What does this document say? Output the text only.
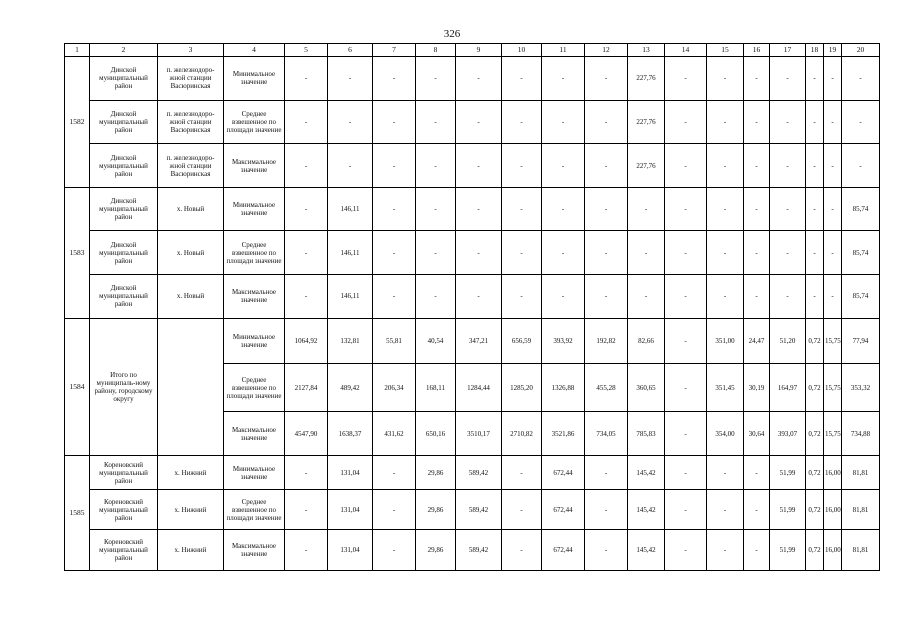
326
1	2	3	4	5	6	7	8	9	10	11	12	13	14	15	16	17	18	19	20
1582	Динской муниципальный район	п. железнодоро-жной станции Васюринская	Минимальное значение	-	-	-	-	-	-	-	-	227,76	-	-	-	-	-	-	-
	Динской муниципальный район	п. железнодоро-жной станции Васюринская	Среднее взвешенное по площади значение	-	-	-	-	-	-	-	-	227,76	-	-	-	-	-	-	-
	Динской муниципальный район	п. железнодоро-жной станции Васюринская	Максимальное значение	-	-	-	-	-	-	-	-	227,76	-	-	-	-	-	-	-
1583	Динской муниципальный район	х. Новый	Минимальное значение	-	146,11	-	-	-	-	-	-	-	-	-	-	-	-	-	85,74
	Динской муниципальный район	х. Новый	Среднее взвешенное по площади значение	-	146,11	-	-	-	-	-	-	-	-	-	-	-	-	-	85,74
	Динской муниципальный район	х. Новый	Максимальное значение	-	146,11	-	-	-	-	-	-	-	-	-	-	-	-	-	85,74
1584	Итого по муниципаль-ному району, городскому округу		Минимальное значение	1064,92	132,81	55,81	40,54	347,21	656,59	393,92	192,82	82,66	-	351,00	24,47	51,20	0,72	15,75	77,94
			Среднее взвешенное по площади значение	2127,84	489,42	206,34	168,11	1284,44	1285,20	1326,88	455,28	360,65	-	351,45	30,19	164,97	0,72	15,75	353,32
			Максимальное значение	4547,90	1638,37	431,62	650,16	3510,17	2710,82	3521,86	734,05	785,83	-	354,00	30,64	393,07	0,72	15,75	734,88
1585	Кореновский муниципальный район	х. Нижний	Минимальное значение	-	131,04	-	29,86	589,42	-	672,44	-	145,42	-	-	-	51,99	0,72	16,00	81,81
	Кореновский муниципальный район	х. Нижний	Среднее взвешенное по площади значение	-	131,04	-	29,86	589,42	-	672,44	-	145,42	-	-	-	51,99	0,72	16,00	81,81
	Кореновский муниципальный район	х. Нижний	Максимальное значение	-	131,04	-	29,86	589,42	-	672,44	-	145,42	-	-	-	51,99	0,72	16,00	81,81
